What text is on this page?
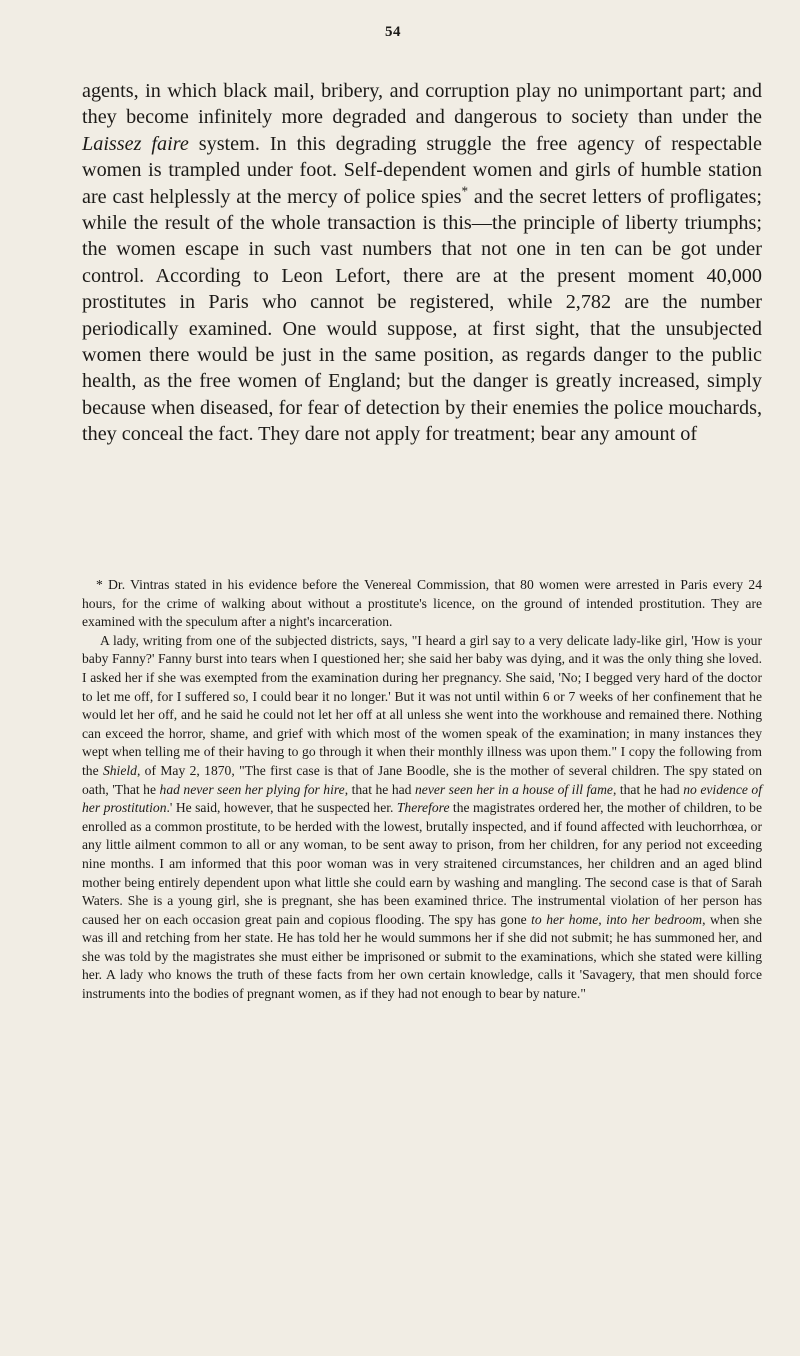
54

agents, in which black mail, bribery, and corruption play no unimportant part; and they become infinitely more degraded and dangerous to society than under the Laissez faire system. In this degrading struggle the free agency of respectable women is trampled under foot. Self-dependent women and girls of humble station are cast helplessly at the mercy of police spies* and the secret letters of profligates; while the result of the whole transaction is this—the principle of liberty triumphs; the women escape in such vast numbers that not one in ten can be got under control. According to Leon Lefort, there are at the present moment 40,000 prostitutes in Paris who cannot be registered, while 2,782 are the number periodically examined. One would suppose, at first sight, that the unsubjected women there would be just in the same position, as regards danger to the public health, as the free women of England; but the danger is greatly increased, simply because when diseased, for fear of detection by their enemies the police mouchards, they conceal the fact. They dare not apply for treatment; bear any amount of

* Dr. Vintras stated in his evidence before the Venereal Commission, that 80 women were arrested in Paris every 24 hours, for the crime of walking about without a prostitute's licence, on the ground of intended prostitution. They are examined with the speculum after a night's incarceration.

A lady, writing from one of the subjected districts, says, "I heard a girl say to a very delicate lady-like girl, 'How is your baby Fanny?' Fanny burst into tears when I questioned her; she said her baby was dying, and it was the only thing she loved. I asked her if she was exempted from the examination during her pregnancy. She said, 'No; I begged very hard of the doctor to let me off, for I suffered so, I could bear it no longer.' But it was not until within 6 or 7 weeks of her confinement that he would let her off, and he said he could not let her off at all unless she went into the workhouse and remained there. Nothing can exceed the horror, shame, and grief with which most of the women speak of the examination; in many instances they wept when telling me of their having to go through it when their monthly illness was upon them." I copy the following from the Shield, of May 2, 1870, "The first case is that of Jane Boodle, she is the mother of several children. The spy stated on oath, 'That he had never seen her plying for hire, that he had never seen her in a house of ill fame, that he had no evidence of her prostitution.' He said, however, that he suspected her. Therefore the magistrates ordered her, the mother of children, to be enrolled as a common prostitute, to be herded with the lowest, brutally inspected, and if found affected with leuchorrhœa, or any little ailment common to all or any woman, to be sent away to prison, from her children, for any period not exceeding nine months. I am informed that this poor woman was in very straitened circumstances, her children and an aged blind mother being entirely dependent upon what little she could earn by washing and mangling. The second case is that of Sarah Waters. She is a young girl, she is pregnant, she has been examined thrice. The instrumental violation of her person has caused her on each occasion great pain and copious flooding. The spy has gone to her home, into her bedroom, when she was ill and retching from her state. He has told her he would summons her if she did not submit; he has summoned her, and she was told by the magistrates she must either be imprisoned or submit to the examinations, which she stated were killing her. A lady who knows the truth of these facts from her own certain knowledge, calls it 'Savagery, that men should force instruments into the bodies of pregnant women, as if they had not enough to bear by nature."
